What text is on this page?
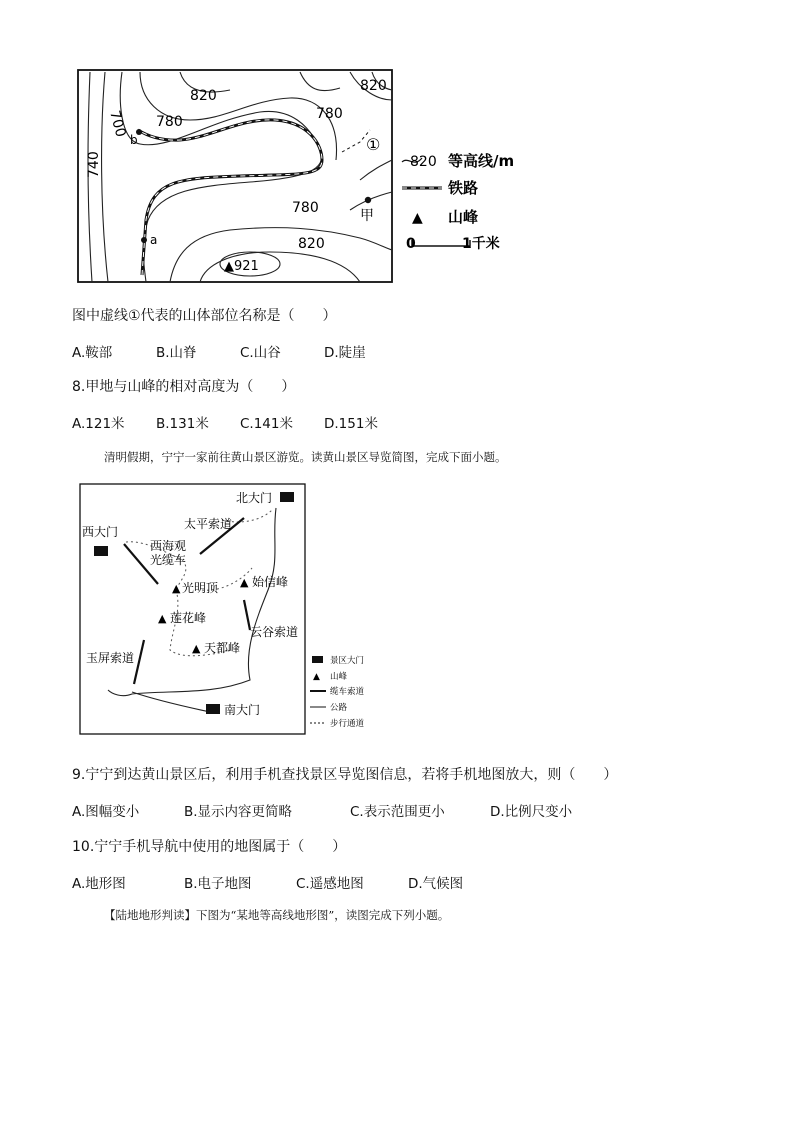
820
820
780
780
700
740
780
820
▲921
b
a
甲
①
820 等高线/m
铁路
▲ 山峰
0	1千米
图中虚线①代表的山体部位名称是（　　）
A.鞍部	B.山脊	C.山谷	D.陡崖
8.甲地与山峰的相对高度为（　　）
A.121米 B.131米 C.141米 D.151米
清明假期，宁宁一家前往黄山景区游览。读黄山景区导览简图，完成下面小题。
▲
▲
▲
▲
北大门
西大门
太平索道
西海观
光缆车
光明顶	始信峰
莲花峰
云谷索道
天都峰
玉屏索道
南大门
景区大门
▲ 山峰
缆车索道
公路
步行通道
9.宁宁到达黄山景区后，利用手机查找景区导览图信息，若将手机地图放大，则（　　）
A.图幅变小	B.显示内容更简略	C.表示范围更小	D.比例尺变小
10.宁宁手机导航中使用的地图属于（　　）
A.地形图	B.电子地图	C.遥感地图	D.气候图
【陆地地形判读】下图为“某地等高线地形图”，读图完成下列小题。
